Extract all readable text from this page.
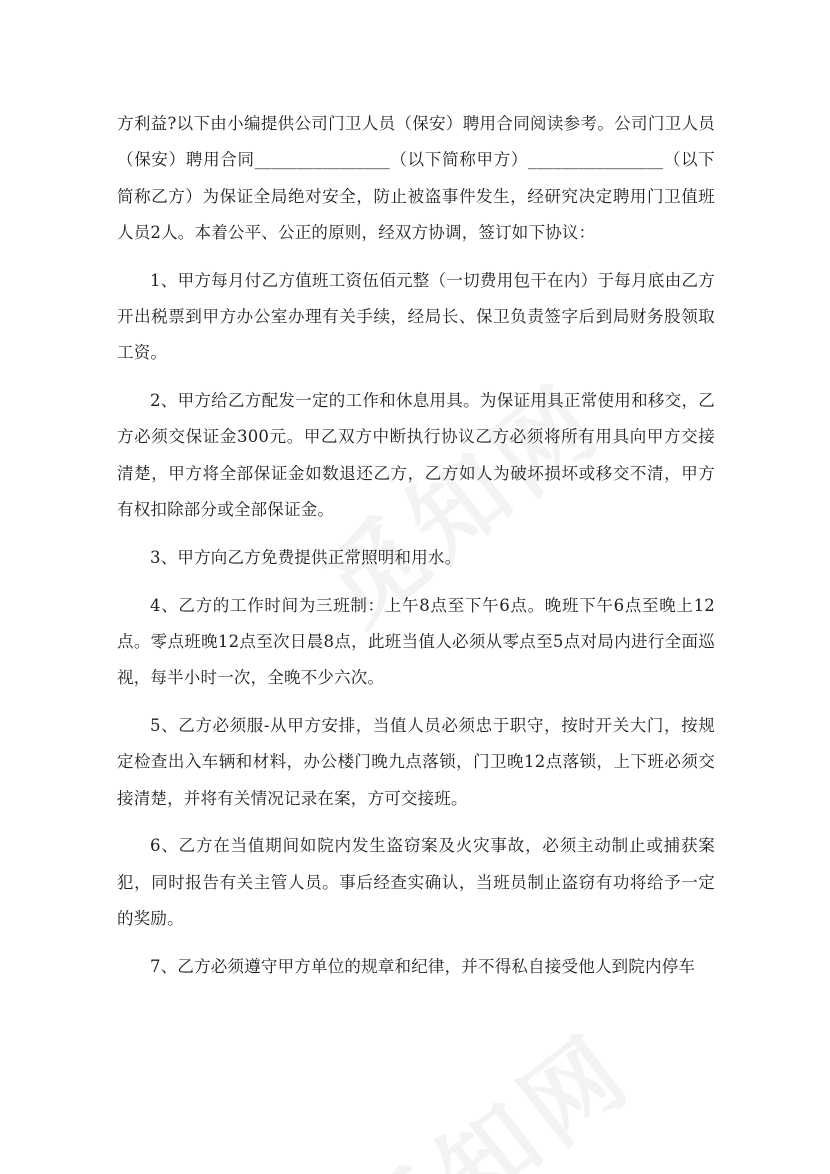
方利益?以下由小编提供公司门卫人员（保安）聘用合同阅读参考。公司门卫人员（保安）聘用合同________________（以下简称甲方）________________（以下简称乙方）为保证全局绝对安全，防止被盗事件发生，经研究决定聘用门卫值班人员2人。本着公平、公正的原则，经双方协调，签订如下协议：

1、甲方每月付乙方值班工资伍佰元整（一切费用包干在内）于每月底由乙方开出税票到甲方办公室办理有关手续，经局长、保卫负责签字后到局财务股领取工资。

2、甲方给乙方配发一定的工作和休息用具。为保证用具正常使用和移交，乙方必须交保证金300元。甲乙双方中断执行协议乙方必须将所有用具向甲方交接清楚，甲方将全部保证金如数退还乙方，乙方如人为破坏损坏或移交不清，甲方有权扣除部分或全部保证金。

3、甲方向乙方免费提供正常照明和用水。

4、乙方的工作时间为三班制：上午8点至下午6点。晚班下午6点至晚上12点。零点班晚12点至次日晨8点，此班当值人必须从零点至5点对局内进行全面巡视，每半小时一次，全晚不少六次。

5、乙方必须服-从甲方安排，当值人员必须忠于职守，按时开关大门，按规定检查出入车辆和材料，办公楼门晚九点落锁，门卫晚12点落锁，上下班必须交接清楚，并将有关情况记录在案，方可交接班。

6、乙方在当值期间如院内发生盗窃案及火灾事故，必须主动制止或捕获案犯，同时报告有关主管人员。事后经查实确认，当班员制止盗窃有功将给予一定的奖励。

7、乙方必须遵守甲方单位的规章和纪律，并不得私自接受他人到院内停车
